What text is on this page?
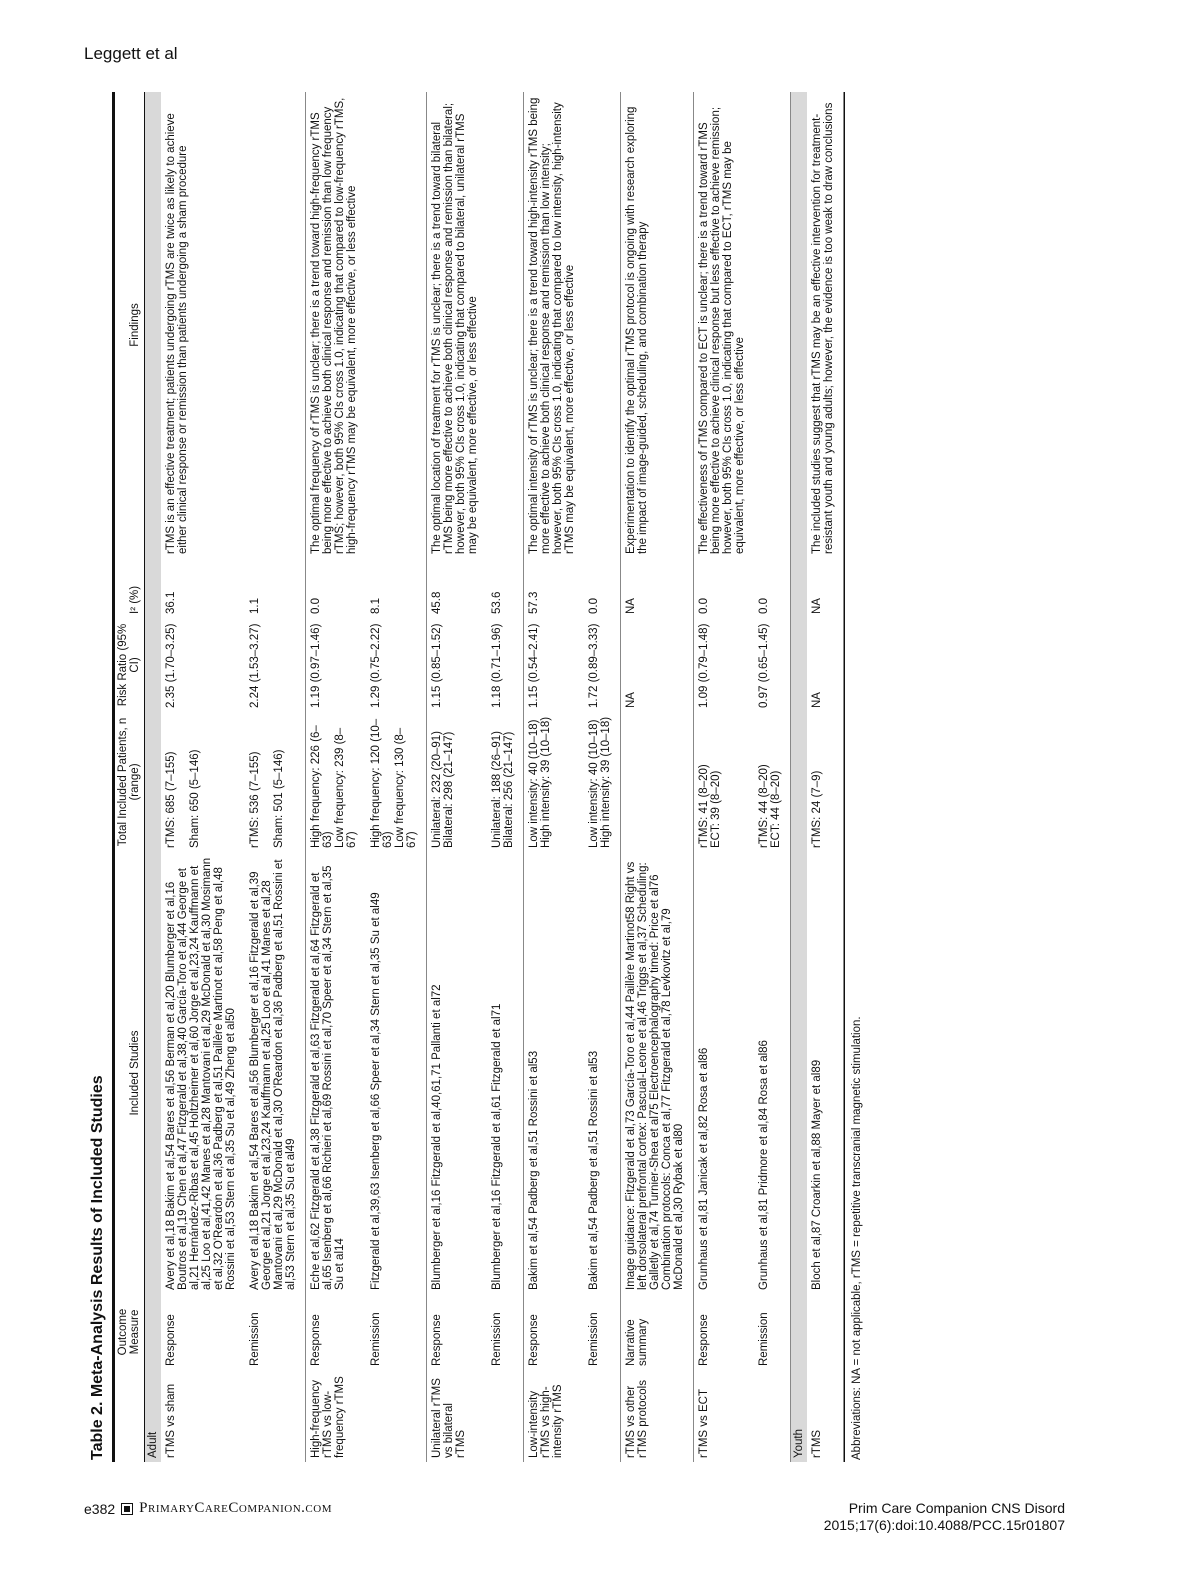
Leggett et al
Table 2. Meta-Analysis Results of Included Studies
	Outcome Measure	Included Studies	Total Included Patients, n (range)	Risk Ratio (95% CI)	I² (%)	Findings
Adult						
rTMS vs sham	Response	Avery et al,18 Bakim et al,54 Bares et al,56 Berman et al,20 Blumberger et al,16 Boutros et al,19 Chen et al,47 Fitzgerald et al,38,40 García-Toro et al,44 George et al,21 Hernández-Ribas et al,45 Holtzheimer et al,60 Jorge et al,23,24 Kauffmann et al,25 Loo et al,41,42 Manes et al,28 Mantovani et al,29 McDonald et al,30 Mosimann et al,32 O'Reardon et al,36 Padberg et al,51 Paillère Martinot et al,58 Peng et al,48 Rossini et al,53 Stern et al,35 Su et al,49 Zheng et al50	rTMS: 685 (7–155)

Sham: 650 (5–146)	2.35 (1.70–3.25)	36.1	rTMS is an effective treatment; patients undergoing rTMS are twice as likely to achieve either clinical response or remission than patients undergoing a sham procedure
	Remission	Avery et al,18 Bakim et al,54 Bares et al,56 Blumberger et al,16 Fitzgerald et al,39 George et al,21 Jorge et al,23,24 Kauffmann et al,25 Loo et al,41 Manes et al,28 Mantovani et al,29 McDonald et al,30 O'Reardon et al,36 Padberg et al,51 Rossini et al,53 Stern et al,35 Su et al49	rTMS: 536 (7–155)

Sham: 501 (5–146)	2.24 (1.53–3.27)	1.1	
High-frequency rTMS vs low-frequency rTMS	Response	Eche et al,62 Fitzgerald et al,38 Fitzgerald et al,63 Fitzgerald et al,64 Fitzgerald et al,65 Isenberg et al,66 Richieri et al,69 Rossini et al,70 Speer et al,34 Stern et al,35 Su et al14	High frequency: 226 (6–63)
Low frequency: 239 (8–67)	1.19 (0.97–1.46)	0.0	The optimal frequency of rTMS is unclear; there is a trend toward high-frequency rTMS being more effective to achieve both clinical response and remission than low frequency rTMS; however, both 95% CIs cross 1.0, indicating that compared to low-frequency rTMS, high-frequency rTMS may be equivalent, more effective, or less effective
	Remission	Fitzgerald et al,39,63 Isenberg et al,66 Speer et al,34 Stern et al,35 Su et al49	High frequency: 120 (10–63)
Low frequency: 130 (8–67)	1.29 (0.75–2.22)	8.1	
Unilateral rTMS vs bilateral rTMS	Response	Blumberger et al,16 Fitzgerald et al,40,61,71 Pallanti et al72	Unilateral: 232 (20–91)
Bilateral: 298 (21–147)	1.15 (0.85–1.52)	45.8	The optimal location of treatment for rTMS is unclear; there is a trend toward bilateral rTMS being more effective to achieve both clinical response and remission than bilateral; however, both 95% CIs cross 1.0, indicating that compared to bilateral, unilateral rTMS may be equivalent, more effective, or less effective
	Remission	Blumberger et al,16 Fitzgerald et al,61 Fitzgerald et al71	Unilateral: 188 (26–91)
Bilateral: 256 (21–147)	1.18 (0.71–1.96)	53.6	
Low-intensity rTMS vs high-intensity rTMS	Response	Bakim et al,54 Padberg et al,51 Rossini et al53	Low intensity: 40 (10–18)
High intensity: 39 (10–18)	1.15 (0.54–2.41)	57.3	The optimal intensity of rTMS is unclear; there is a trend toward high-intensity rTMS being more effective to achieve both clinical response and remission than low intensity; however, both 95% CIs cross 1.0, indicating that compared to low intensity, high-intensity rTMS may be equivalent, more effective, or less effective
	Remission	Bakim et al,54 Padberg et al,51 Rossini et al53	Low intensity: 40 (10–18)
High intensity: 39 (10–18)	1.72 (0.89–3.33)	0.0	
rTMS vs other rTMS protocols	Narrative summary	Image guidance: Fitzgerald et al,73 García-Toro et al,44 Paillère Martinot58 Right vs left dorsolateral prefrontal cortex: Pascual-Leone et al,46 Triggs et al,37 Scheduling: Galletly et al,74 Turnier-Shea et al75 Electroencephalography timed: Price et al76 Combination protocols: Conca et al,77 Fitzgerald et al,78 Levkovitz et al,79 McDonald et al,30 Rybak et al80		NA	NA	Experimentation to identify the optimal rTMS protocol is ongoing with research exploring the impact of image-guided, scheduling, and combination therapy
rTMS vs ECT	Response	Grunhaus et al,81 Janicak et al,82 Rosa et al86	rTMS: 41 (8–20)
ECT: 39 (8–20)	1.09 (0.79–1.48)	0.0	The effectiveness of rTMS compared to ECT is unclear; there is a trend toward rTMS being more effective to achieve clinical response but less effective to achieve remission; however, both 95% CIs cross 1.0, indicating that compared to ECT, rTMS may be equivalent, more effective, or less effective
	Remission	Grunhaus et al,81 Pridmore et al,84 Rosa et al86	rTMS: 44 (8–20)
ECT: 44 (8–20)	0.97 (0.65–1.45)	0.0	
Youth						
rTMS		Bloch et al,87 Croarkin et al,88 Mayer et al89	rTMS: 24 (7–9)	NA	NA	The included studies suggest that rTMS may be an effective intervention for treatment-resistant youth and young adults; however, the evidence is too weak to draw conclusions
Abbreviations: NA = not applicable, rTMS = repetitive transcranial magnetic stimulation.
e382 PrimaryCareCompanion.com	Prim Care Companion CNS Disord
2015;17(6):doi:10.4088/PCC.15r01807
